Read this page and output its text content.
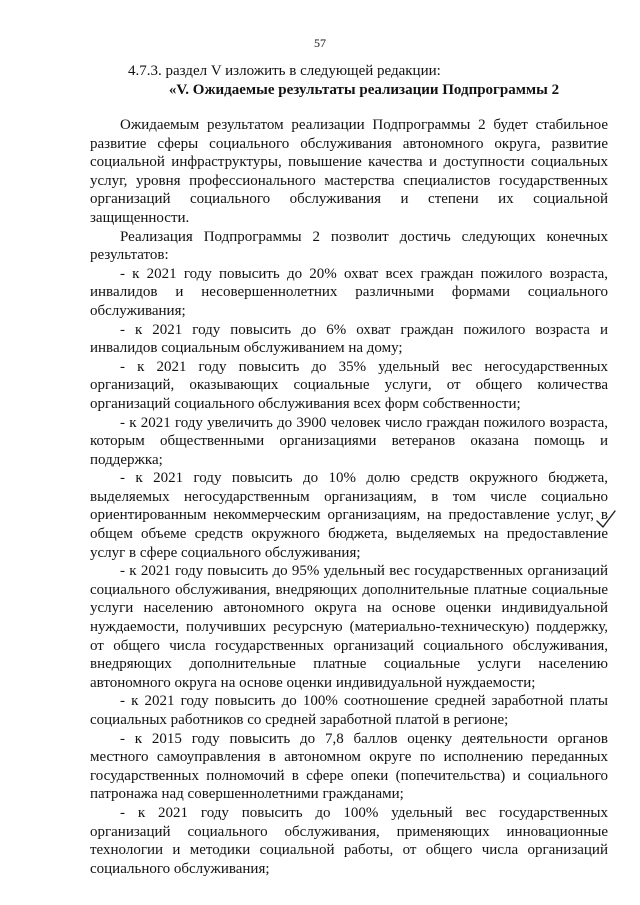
57

4.7.3. раздел V изложить в следующей редакции:

«V. Ожидаемые результаты реализации Подпрограммы 2

Ожидаемым результатом реализации Подпрограммы 2 будет стабильное развитие сферы социального обслуживания автономного округа, развитие социальной инфраструктуры, повышение качества и доступности социальных услуг, уровня профессионального мастерства специалистов государственных организаций социального обслуживания и степени их социальной защищенности.

Реализация Подпрограммы 2 позволит достичь следующих конечных результатов:

- к 2021 году повысить до 20% охват всех граждан пожилого возраста, инвалидов и несовершеннолетних различными формами социального обслуживания;

- к 2021 году повысить до 6% охват граждан пожилого возраста и инвалидов социальным обслуживанием на дому;

- к 2021 году повысить до 35% удельный вес негосударственных организаций, оказывающих социальные услуги, от общего количества организаций социального обслуживания всех форм собственности;

- к 2021 году увеличить до 3900 человек число граждан пожилого возраста, которым общественными организациями ветеранов оказана помощь и поддержка;

- к 2021 году повысить до 10% долю средств окружного бюджета, выделяемых негосударственным организациям, в том числе социально ориентированным некоммерческим организациям, на предоставление услуг, в общем объеме средств окружного бюджета, выделяемых на предоставление услуг в сфере социального обслуживания;

- к 2021 году повысить до 95% удельный вес государственных организаций социального обслуживания, внедряющих дополнительные платные социальные услуги населению автономного округа на основе оценки индивидуальной нуждаемости, получивших ресурсную (материально-техническую) поддержку, от общего числа государственных организаций социального обслуживания, внедряющих дополнительные платные социальные услуги населению автономного округа на основе оценки индивидуальной нуждаемости;

- к 2021 году повысить до 100% соотношение средней заработной платы социальных работников со средней заработной платой в регионе;

- к 2015 году повысить до 7,8 баллов оценку деятельности органов местного самоуправления в автономном округе по исполнению переданных государственных полномочий в сфере опеки (попечительства) и социального патронажа над совершеннолетними гражданами;

- к 2021 году повысить до 100% удельный вес государственных организаций социального обслуживания, применяющих инновационные технологии и методики социальной работы, от общего числа организаций социального обслуживания;
